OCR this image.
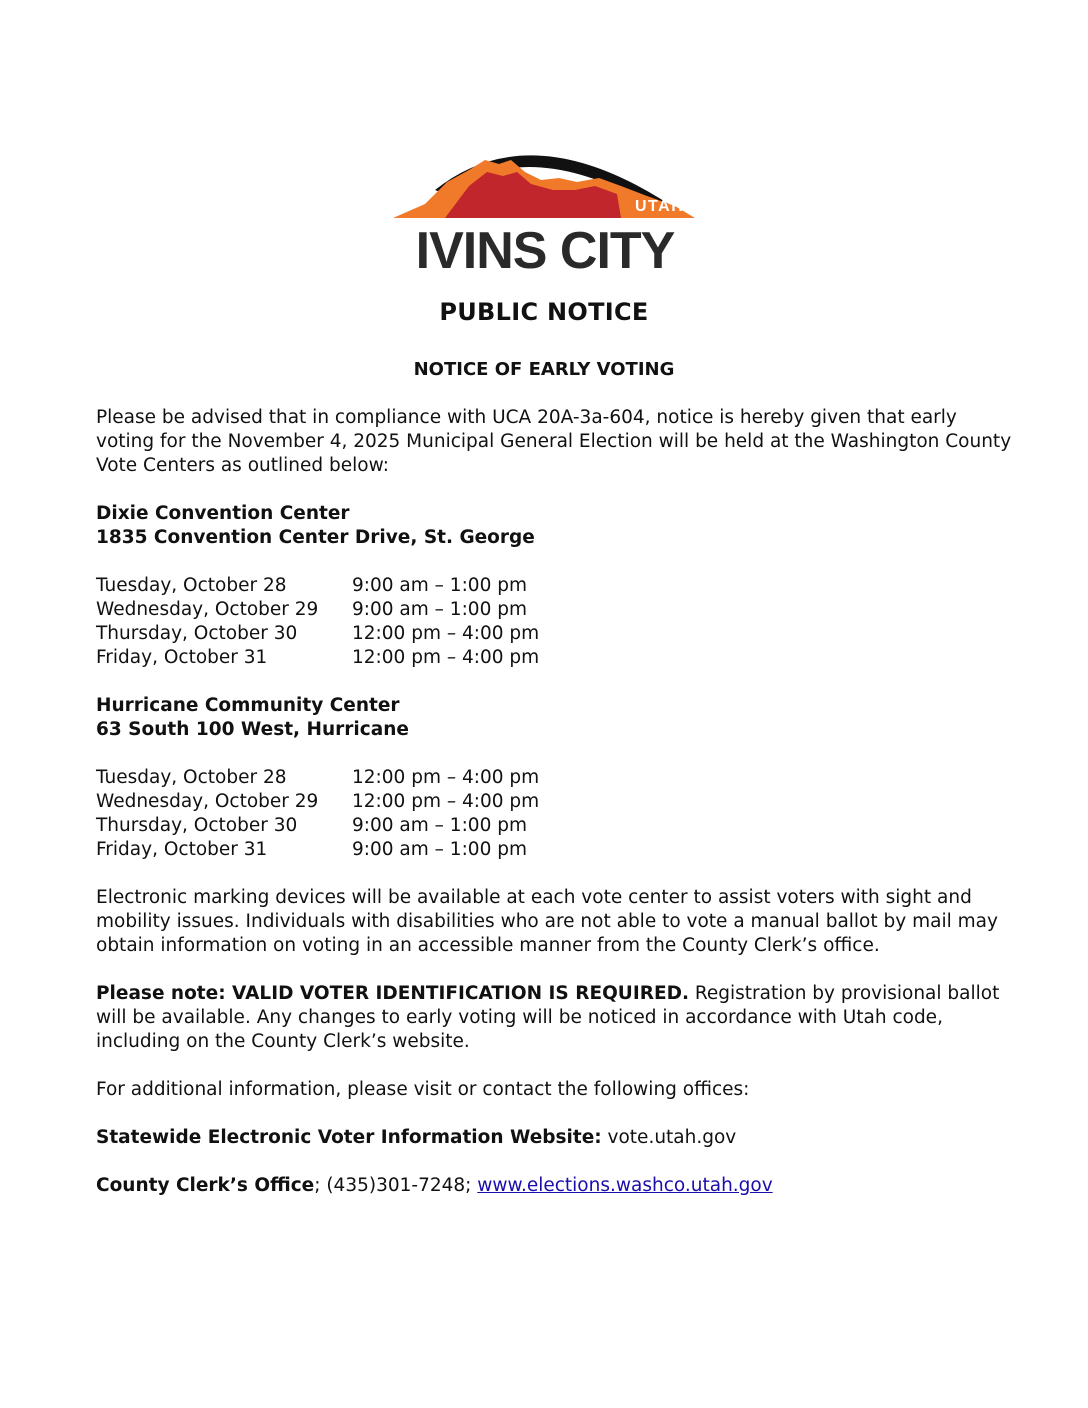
UTAH
IVINS CITY
PUBLIC NOTICE
NOTICE OF EARLY VOTING

Please be advised that in compliance with UCA 20A-3a-604, notice is hereby given that early voting for the November 4, 2025 Municipal General Election will be held at the Washington County Vote Centers as outlined below:

Dixie Convention Center

1835 Convention Center Drive, St. George

Tuesday, October 28	9:00 am – 1:00 pm
Wednesday, October 29	9:00 am – 1:00 pm
Thursday, October 30	12:00 pm – 4:00 pm
Friday, October 31	12:00 pm – 4:00 pm

Hurricane Community Center

63 South 100 West, Hurricane

Tuesday, October 28	12:00 pm – 4:00 pm
Wednesday, October 29	12:00 pm – 4:00 pm
Thursday, October 30	9:00 am – 1:00 pm
Friday, October 31	9:00 am – 1:00 pm

Electronic marking devices will be available at each vote center to assist voters with sight and mobility issues. Individuals with disabilities who are not able to vote a manual ballot by mail may obtain information on voting in an accessible manner from the County Clerk’s office.

Please note: VALID VOTER IDENTIFICATION IS REQUIRED. Registration by provisional ballot will be available. Any changes to early voting will be noticed in accordance with Utah code, including on the County Clerk’s website.

For additional information, please visit or contact the following offices:

Statewide Electronic Voter Information Website: vote.utah.gov

County Clerk’s Office; (435)301-7248; www.elections.washco.utah.gov
